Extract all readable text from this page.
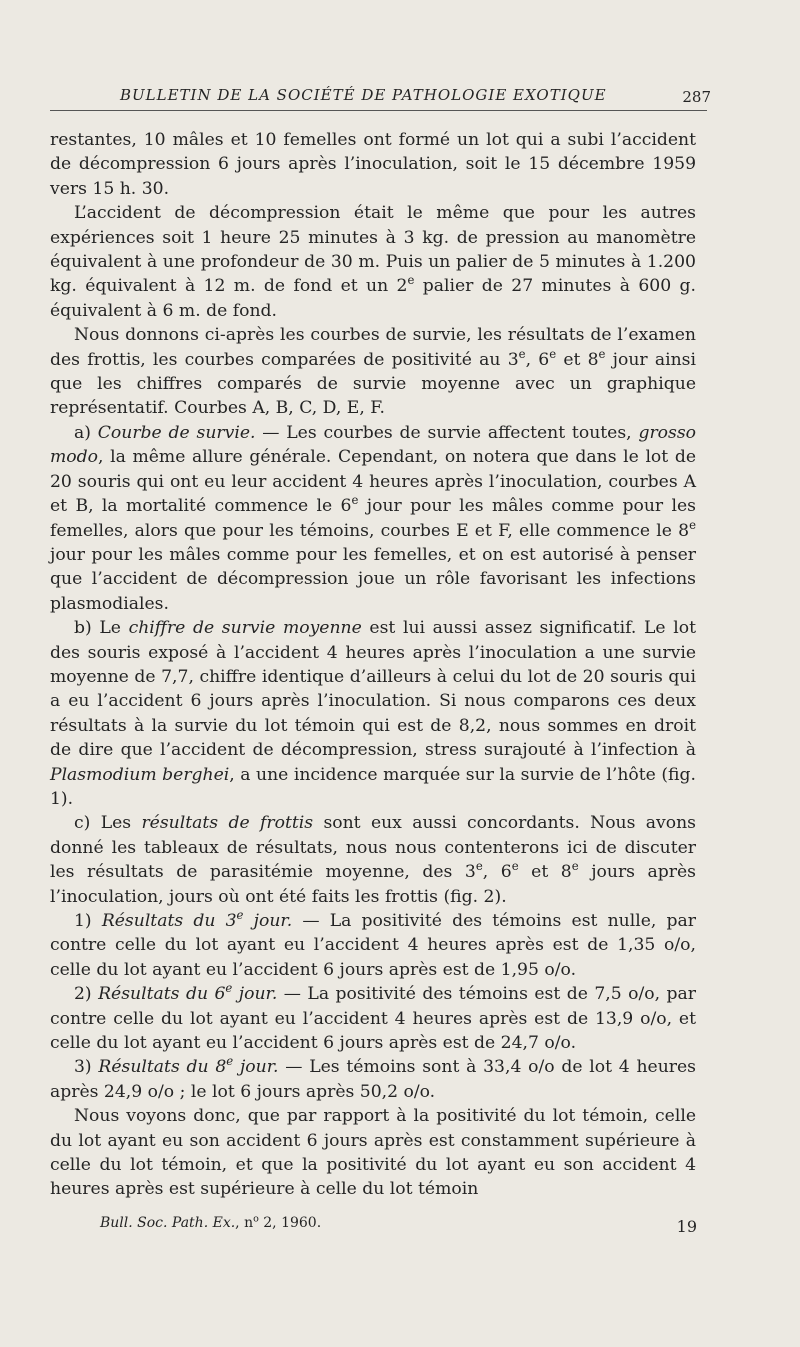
BULLETIN DE LA SOCIÉTÉ DE PATHOLOGIE EXOTIQUE	287

restantes, 10 mâles et 10 femelles ont formé un lot qui a subi l’accident de décompression 6 jours après l’inoculation, soit le 15 décembre 1959 vers 15 h. 30.

L’accident de décompression était le même que pour les autres expériences soit 1 heure 25 minutes à 3 kg. de pression au manomètre équivalent à une profondeur de 30 m. Puis un palier de 5 minutes à 1.200 kg. équivalent à 12 m. de fond et un 2e palier de 27 minutes à 600 g. équivalent à 6 m. de fond.

Nous donnons ci-après les courbes de survie, les résultats de l’examen des frottis, les courbes comparées de positivité au 3e, 6e et 8e jour ainsi que les chiffres comparés de survie moyenne avec un graphique représentatif. Courbes A, B, C, D, E, F.

a) Courbe de survie. — Les courbes de survie affectent toutes, grosso modo, la même allure générale. Cependant, on notera que dans le lot de 20 souris qui ont eu leur accident 4 heures après l’inoculation, courbes A et B, la mortalité commence le 6e jour pour les mâles comme pour les femelles, alors que pour les témoins, courbes E et F, elle commence le 8e jour pour les mâles comme pour les femelles, et on est autorisé à penser que l’accident de décompression joue un rôle favorisant les infections plasmodiales.

b) Le chiffre de survie moyenne est lui aussi assez significatif. Le lot des souris exposé à l’accident 4 heures après l’inoculation a une survie moyenne de 7,7, chiffre identique d’ailleurs à celui du lot de 20 souris qui a eu l’accident 6 jours après l’inoculation. Si nous comparons ces deux résultats à la survie du lot témoin qui est de 8,2, nous sommes en droit de dire que l’accident de décompression, stress surajouté à l’infection à Plasmodium berghei, a une incidence marquée sur la survie de l’hôte (fig. 1).

c) Les résultats de frottis sont eux aussi concordants. Nous avons donné les tableaux de résultats, nous nous contenterons ici de discuter les résultats de parasitémie moyenne, des 3e, 6e et 8e jours après l’inoculation, jours où ont été faits les frottis (fig. 2).

1) Résultats du 3e jour. — La positivité des témoins est nulle, par contre celle du lot ayant eu l’accident 4 heures après est de 1,35 o/o, celle du lot ayant eu l’accident 6 jours après est de 1,95 o/o.

2) Résultats du 6e jour. — La positivité des témoins est de 7,5 o/o, par contre celle du lot ayant eu l’accident 4 heures après est de 13,9 o/o, et celle du lot ayant eu l’accident 6 jours après est de 24,7 o/o.

3) Résultats du 8e jour. — Les témoins sont à 33,4 o/o de lot 4 heures après 24,9 o/o ; le lot 6 jours après 50,2 o/o.

Nous voyons donc, que par rapport à la positivité du lot témoin, celle du lot ayant eu son accident 6 jours après est constamment supérieure à celle du lot témoin, et que la positivité du lot ayant eu son accident 4 heures après est supérieure à celle du lot témoin

Bull. Soc. Path. Ex., $n^o$ 2, 1960.	19
